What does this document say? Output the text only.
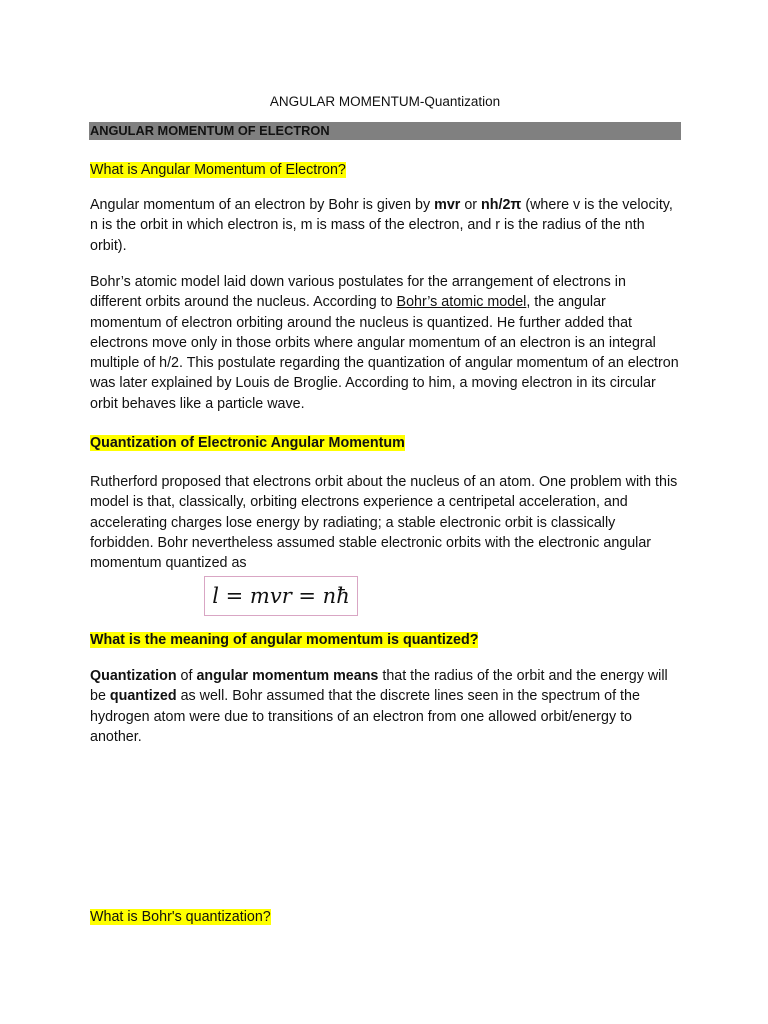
ANGULAR MOMENTUM-Quantization
ANGULAR MOMENTUM OF ELECTRON
What is Angular Momentum of Electron?
Angular momentum of an electron by Bohr is given by mvr or nh/2π (where v is the velocity, n is the orbit in which electron is, m is mass of the electron, and r is the radius of the nth orbit).
Bohr’s atomic model laid down various postulates for the arrangement of electrons in different orbits around the nucleus. According to Bohr’s atomic model, the angular momentum of electron orbiting around the nucleus is quantized. He further added that electrons move only in those orbits where angular momentum of an electron is an integral multiple of h/2. This postulate regarding the quantization of angular momentum of an electron was later explained by Louis de Broglie. According to him, a moving electron in its circular orbit behaves like a particle wave.
Quantization of Electronic Angular Momentum
Rutherford proposed that electrons orbit about the nucleus of an atom. One problem with this model is that, classically, orbiting electrons experience a centripetal acceleration, and accelerating charges lose energy by radiating; a stable electronic orbit is classically forbidden. Bohr nevertheless assumed stable electronic orbits with the electronic angular momentum quantized as
l = mvr = nħ
What is the meaning of angular momentum is quantized?
Quantization of angular momentum means that the radius of the orbit and the energy will be quantized as well. Bohr assumed that the discrete lines seen in the spectrum of the hydrogen atom were due to transitions of an electron from one allowed orbit/energy to another.
What is Bohr's quantization?
